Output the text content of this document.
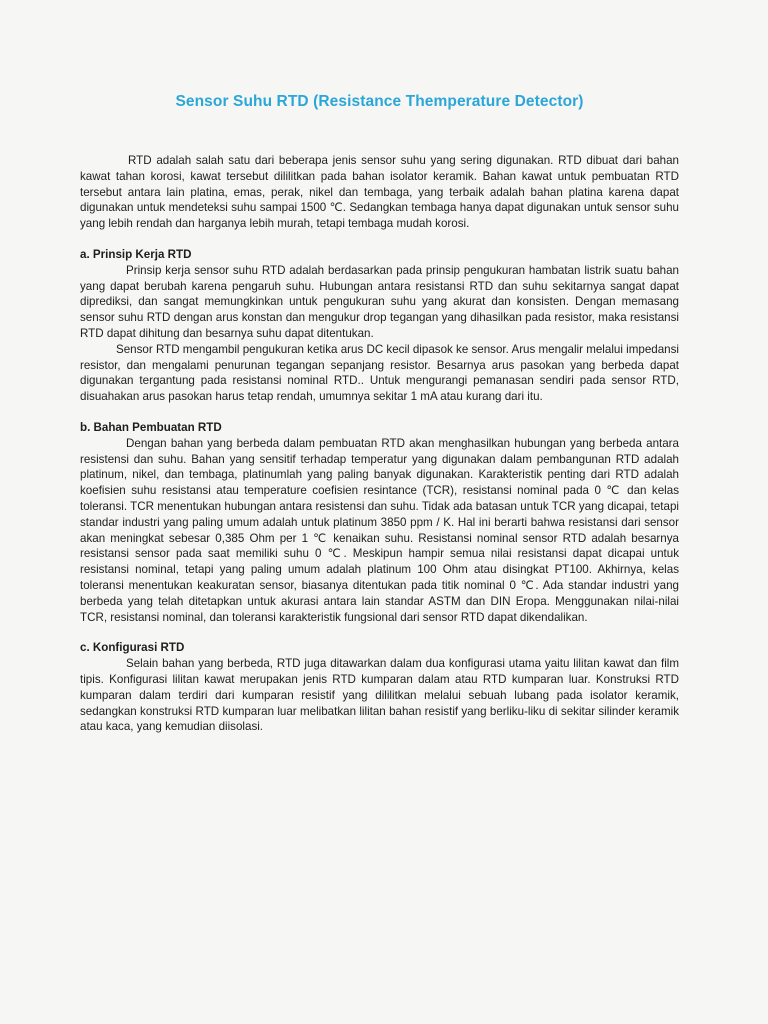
Sensor Suhu RTD (Resistance Themperature Detector)

RTD adalah salah satu dari beberapa jenis sensor suhu yang sering digunakan. RTD dibuat dari bahan kawat tahan korosi, kawat tersebut dililitkan pada bahan isolator keramik. Bahan kawat untuk pembuatan RTD tersebut antara lain platina, emas, perak, nikel dan tembaga, yang terbaik adalah bahan platina karena dapat digunakan untuk mendeteksi suhu sampai 1500 ℃. Sedangkan tembaga hanya dapat digunakan untuk sensor suhu yang lebih rendah dan harganya lebih murah, tetapi tembaga mudah korosi.

a. Prinsip Kerja RTD

Prinsip kerja sensor suhu RTD adalah berdasarkan pada prinsip pengukuran hambatan listrik suatu bahan yang dapat berubah karena pengaruh suhu. Hubungan antara resistansi RTD dan suhu sekitarnya sangat dapat diprediksi, dan sangat memungkinkan untuk pengukuran suhu yang akurat dan konsisten. Dengan memasang sensor suhu RTD dengan arus konstan dan mengukur drop tegangan yang dihasilkan pada resistor, maka resistansi RTD dapat dihitung dan besarnya suhu dapat ditentukan.

Sensor RTD mengambil pengukuran ketika arus DC kecil dipasok ke sensor. Arus mengalir melalui impedansi resistor, dan mengalami penurunan tegangan sepanjang resistor. Besarnya arus pasokan yang berbeda dapat digunakan tergantung pada resistansi nominal RTD.. Untuk mengurangi pemanasan sendiri pada sensor RTD, disuahakan arus pasokan harus tetap rendah, umumnya sekitar 1 mA atau kurang dari itu.

b. Bahan Pembuatan RTD

Dengan bahan yang berbeda dalam pembuatan RTD akan menghasilkan hubungan yang berbeda antara resistensi dan suhu. Bahan yang sensitif terhadap temperatur yang digunakan dalam pembangunan RTD adalah platinum, nikel, dan tembaga, platinumlah yang paling banyak digunakan. Karakteristik penting dari RTD adalah koefisien suhu resistansi atau temperature coefisien resintance (TCR), resistansi nominal pada 0 ℃ dan kelas toleransi. TCR menentukan hubungan antara resistensi dan suhu. Tidak ada batasan untuk TCR yang dicapai, tetapi standar industri yang paling umum adalah untuk platinum 3850 ppm / K. Hal ini berarti bahwa resistansi dari sensor akan meningkat sebesar 0,385 Ohm per 1 ℃ kenaikan suhu. Resistansi nominal sensor RTD adalah besarnya resistansi sensor pada saat memiliki suhu 0 ℃. Meskipun hampir semua nilai resistansi dapat dicapai untuk resistansi nominal, tetapi yang paling umum adalah platinum 100 Ohm atau disingkat PT100. Akhirnya, kelas toleransi menentukan keakuratan sensor, biasanya ditentukan pada titik nominal 0 ℃. Ada standar industri yang berbeda yang telah ditetapkan untuk akurasi antara lain standar ASTM dan DIN Eropa. Menggunakan nilai-nilai TCR, resistansi nominal, dan toleransi karakteristik fungsional dari sensor RTD dapat dikendalikan.

c. Konfigurasi RTD

Selain bahan yang berbeda, RTD juga ditawarkan dalam dua konfigurasi utama yaitu lilitan kawat dan film tipis. Konfigurasi lilitan kawat merupakan jenis RTD kumparan dalam atau RTD kumparan luar. Konstruksi RTD kumparan dalam terdiri dari kumparan resistif yang dililitkan melalui sebuah lubang pada isolator keramik, sedangkan konstruksi RTD kumparan luar melibatkan lilitan bahan resistif yang berliku-liku di sekitar silinder keramik atau kaca, yang kemudian diisolasi.
